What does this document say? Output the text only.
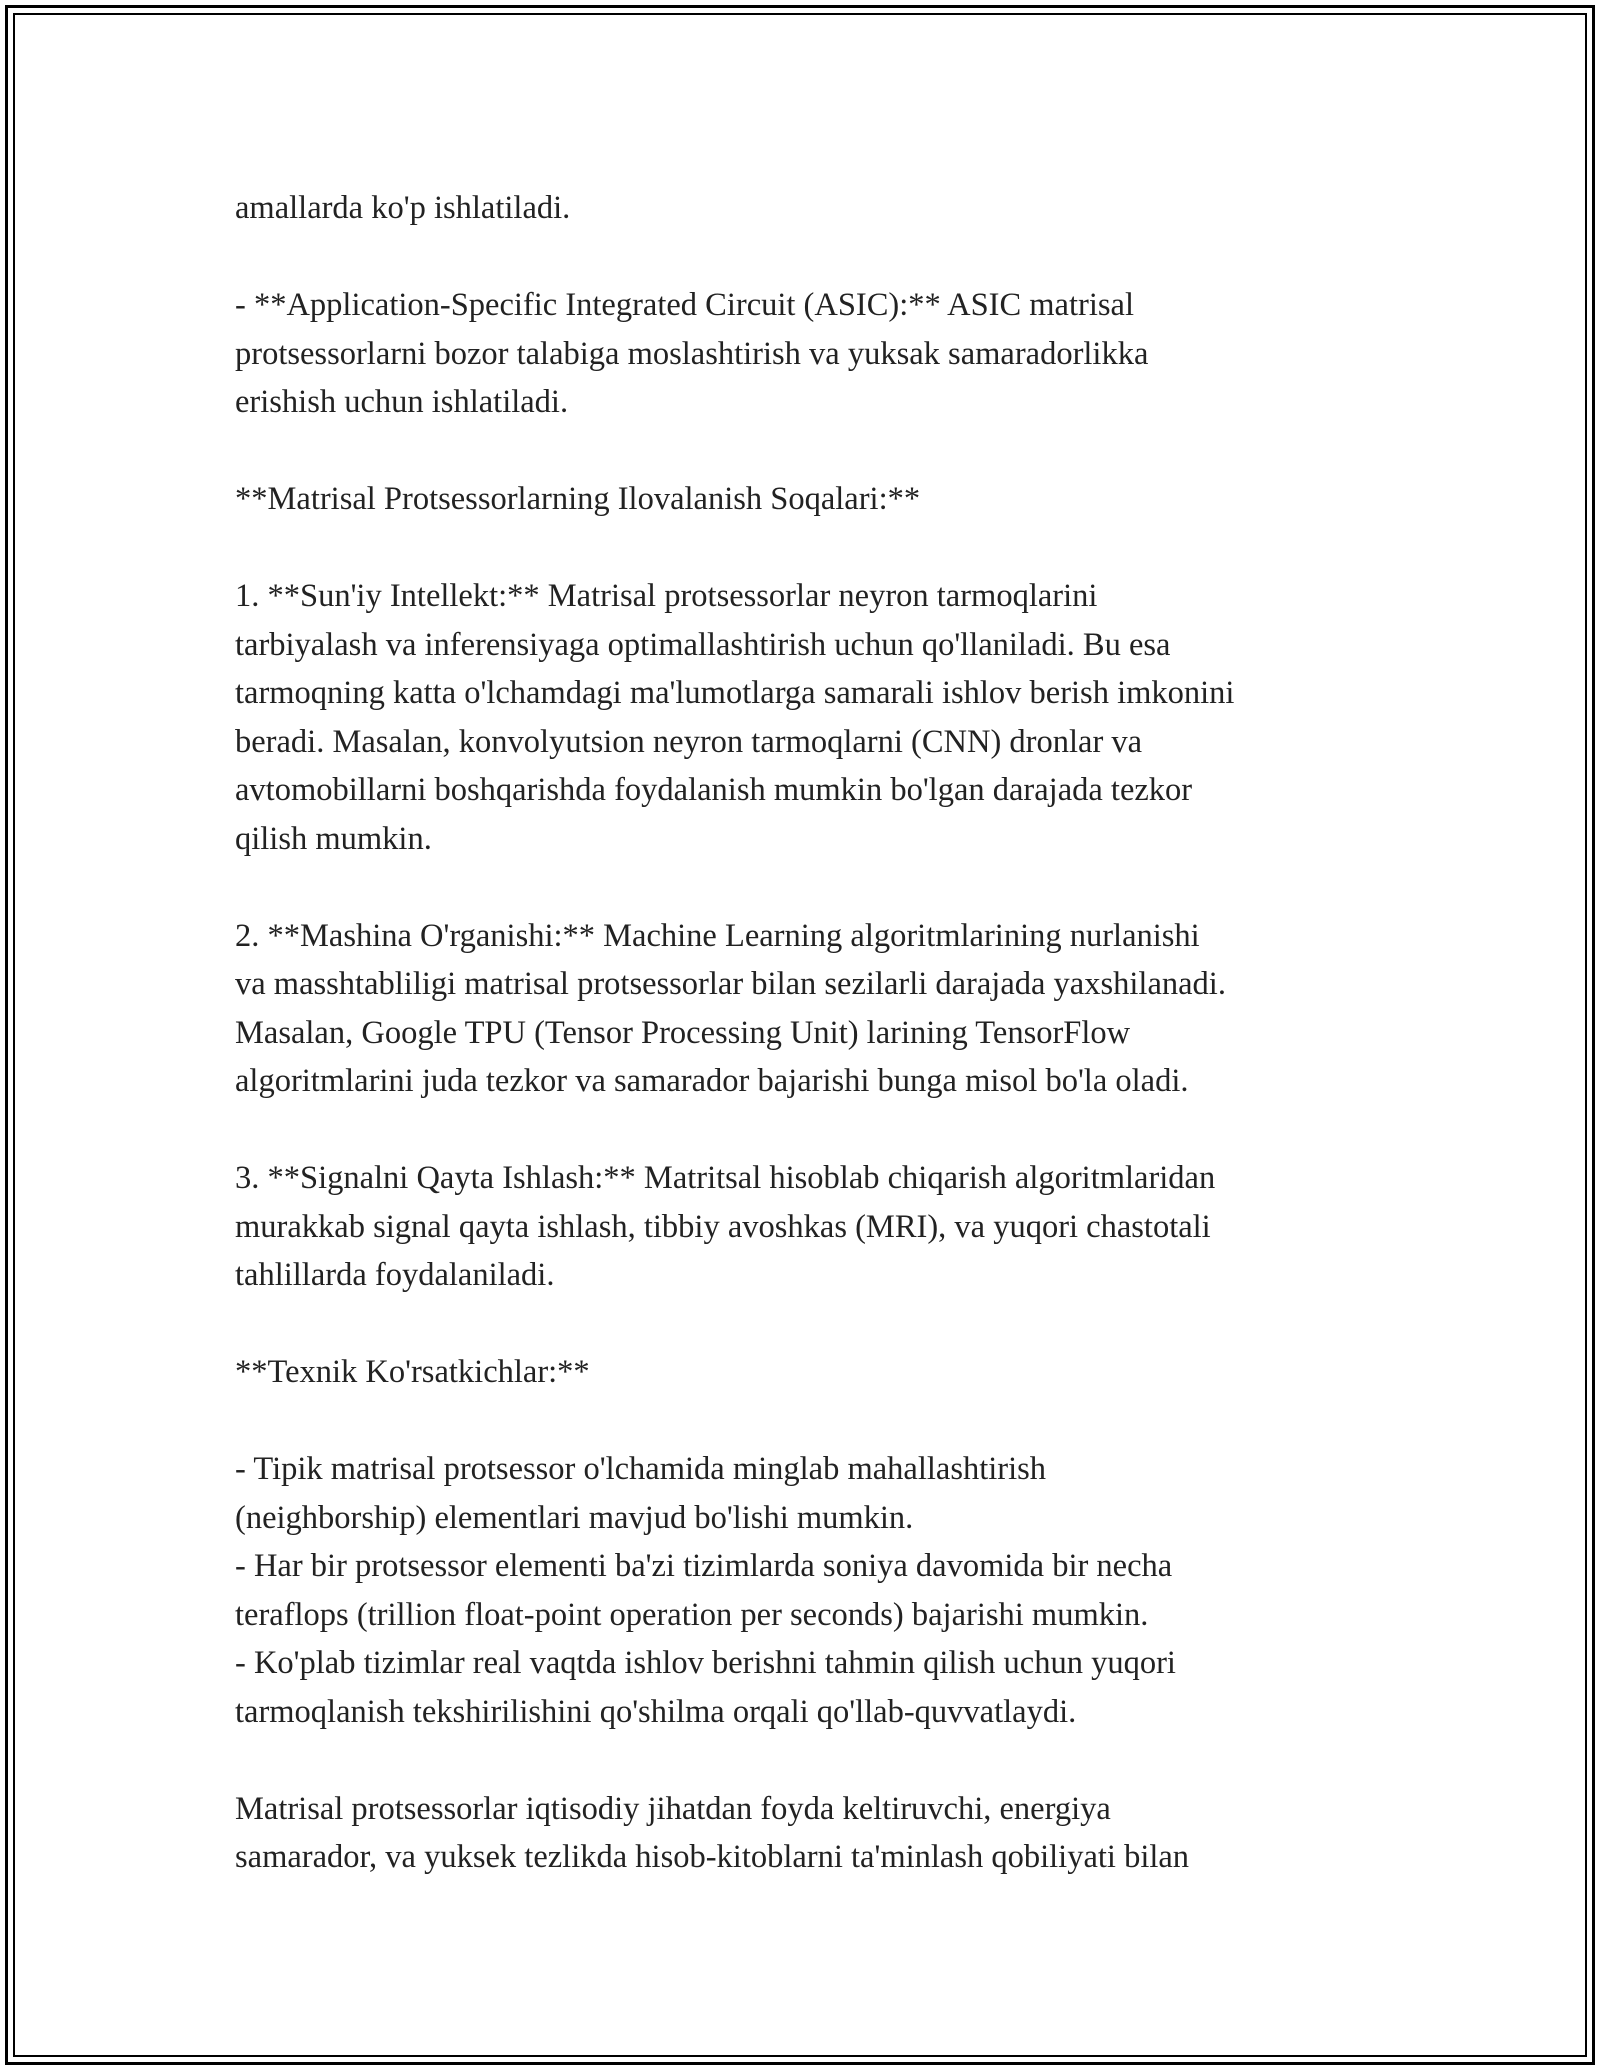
amallarda ko'p ishlatiladi.

- **Application-Specific Integrated Circuit (ASIC):** ASIC matrisal
protsessorlarni bozor talabiga moslashtirish va yuksak samaradorlikka
erishish uchun ishlatiladi.

**Matrisal Protsessorlarning Ilovalanish Soqalari:**

1. **Sun'iy Intellekt:** Matrisal protsessorlar neyron tarmoqlarini
tarbiyalash va inferensiyaga optimallashtirish uchun qo'llaniladi. Bu esa
tarmoqning katta o'lchamdagi ma'lumotlarga samarali ishlov berish imkonini
beradi. Masalan, konvolyutsion neyron tarmoqlarni (CNN) dronlar va
avtomobillarni boshqarishda foydalanish mumkin bo'lgan darajada tezkor
qilish mumkin.

2. **Mashina O'rganishi:** Machine Learning algoritmlarining nurlanishi
va masshtabliligi matrisal protsessorlar bilan sezilarli darajada yaxshilanadi.
Masalan, Google TPU (Tensor Processing Unit) larining TensorFlow
algoritmlarini juda tezkor va samarador bajarishi bunga misol bo'la oladi.

3. **Signalni Qayta Ishlash:** Matritsal hisoblab chiqarish algoritmlaridan
murakkab signal qayta ishlash, tibbiy avoshkas (MRI), va yuqori chastotali
tahlillarda foydalaniladi.

**Texnik Ko'rsatkichlar:**

- Tipik matrisal protsessor o'lchamida minglab mahallashtirish
(neighborship) elementlari mavjud bo'lishi mumkin.
- Har bir protsessor elementi ba'zi tizimlarda soniya davomida bir necha
teraflops (trillion float-point operation per seconds) bajarishi mumkin.
- Ko'plab tizimlar real vaqtda ishlov berishni tahmin qilish uchun yuqori
tarmoqlanish tekshirilishini qo'shilma orqali qo'llab-quvvatlaydi.

Matrisal protsessorlar iqtisodiy jihatdan foyda keltiruvchi, energiya
samarador, va yuksek tezlikda hisob-kitoblarni ta'minlash qobiliyati bilan
